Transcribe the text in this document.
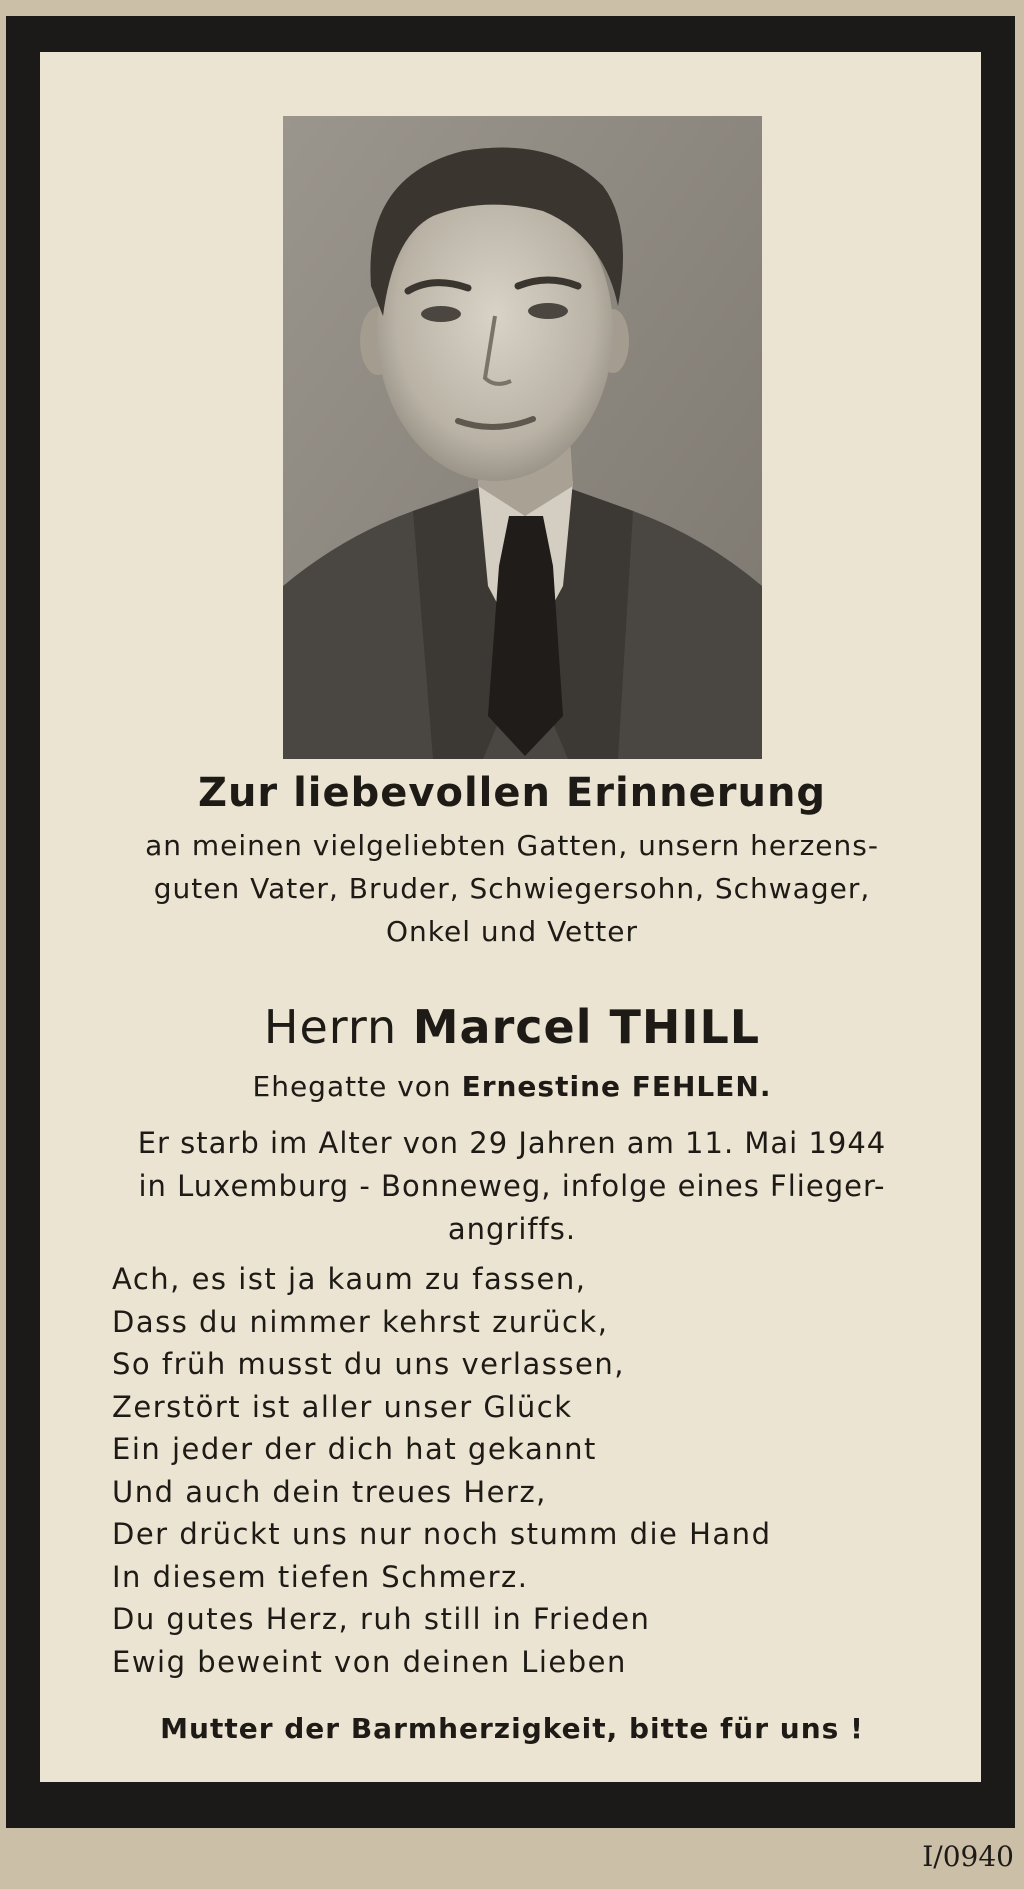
Zur liebevollen Erinnerung
an meinen vielgeliebten Gatten, unsern herzens-
guten Vater, Bruder, Schwiegersohn, Schwager,
Onkel und Vetter
Herrn Marcel THILL
Ehegatte von Ernestine FEHLEN.
Er starb im Alter von 29 Jahren am 11. Mai 1944
in Luxemburg - Bonneweg, infolge eines Flieger-
angriffs.
Ach, es ist ja kaum zu fassen,
Dass du nimmer kehrst zurück,
So früh musst du uns verlassen,
Zerstört ist aller unser Glück
Ein jeder der dich hat gekannt
Und auch dein treues Herz,
Der drückt uns nur noch stumm die Hand
In diesem tiefen Schmerz.
Du gutes Herz, ruh still in Frieden
Ewig beweint von deinen Lieben
Mutter der Barmherzigkeit, bitte für uns !
I/0940
